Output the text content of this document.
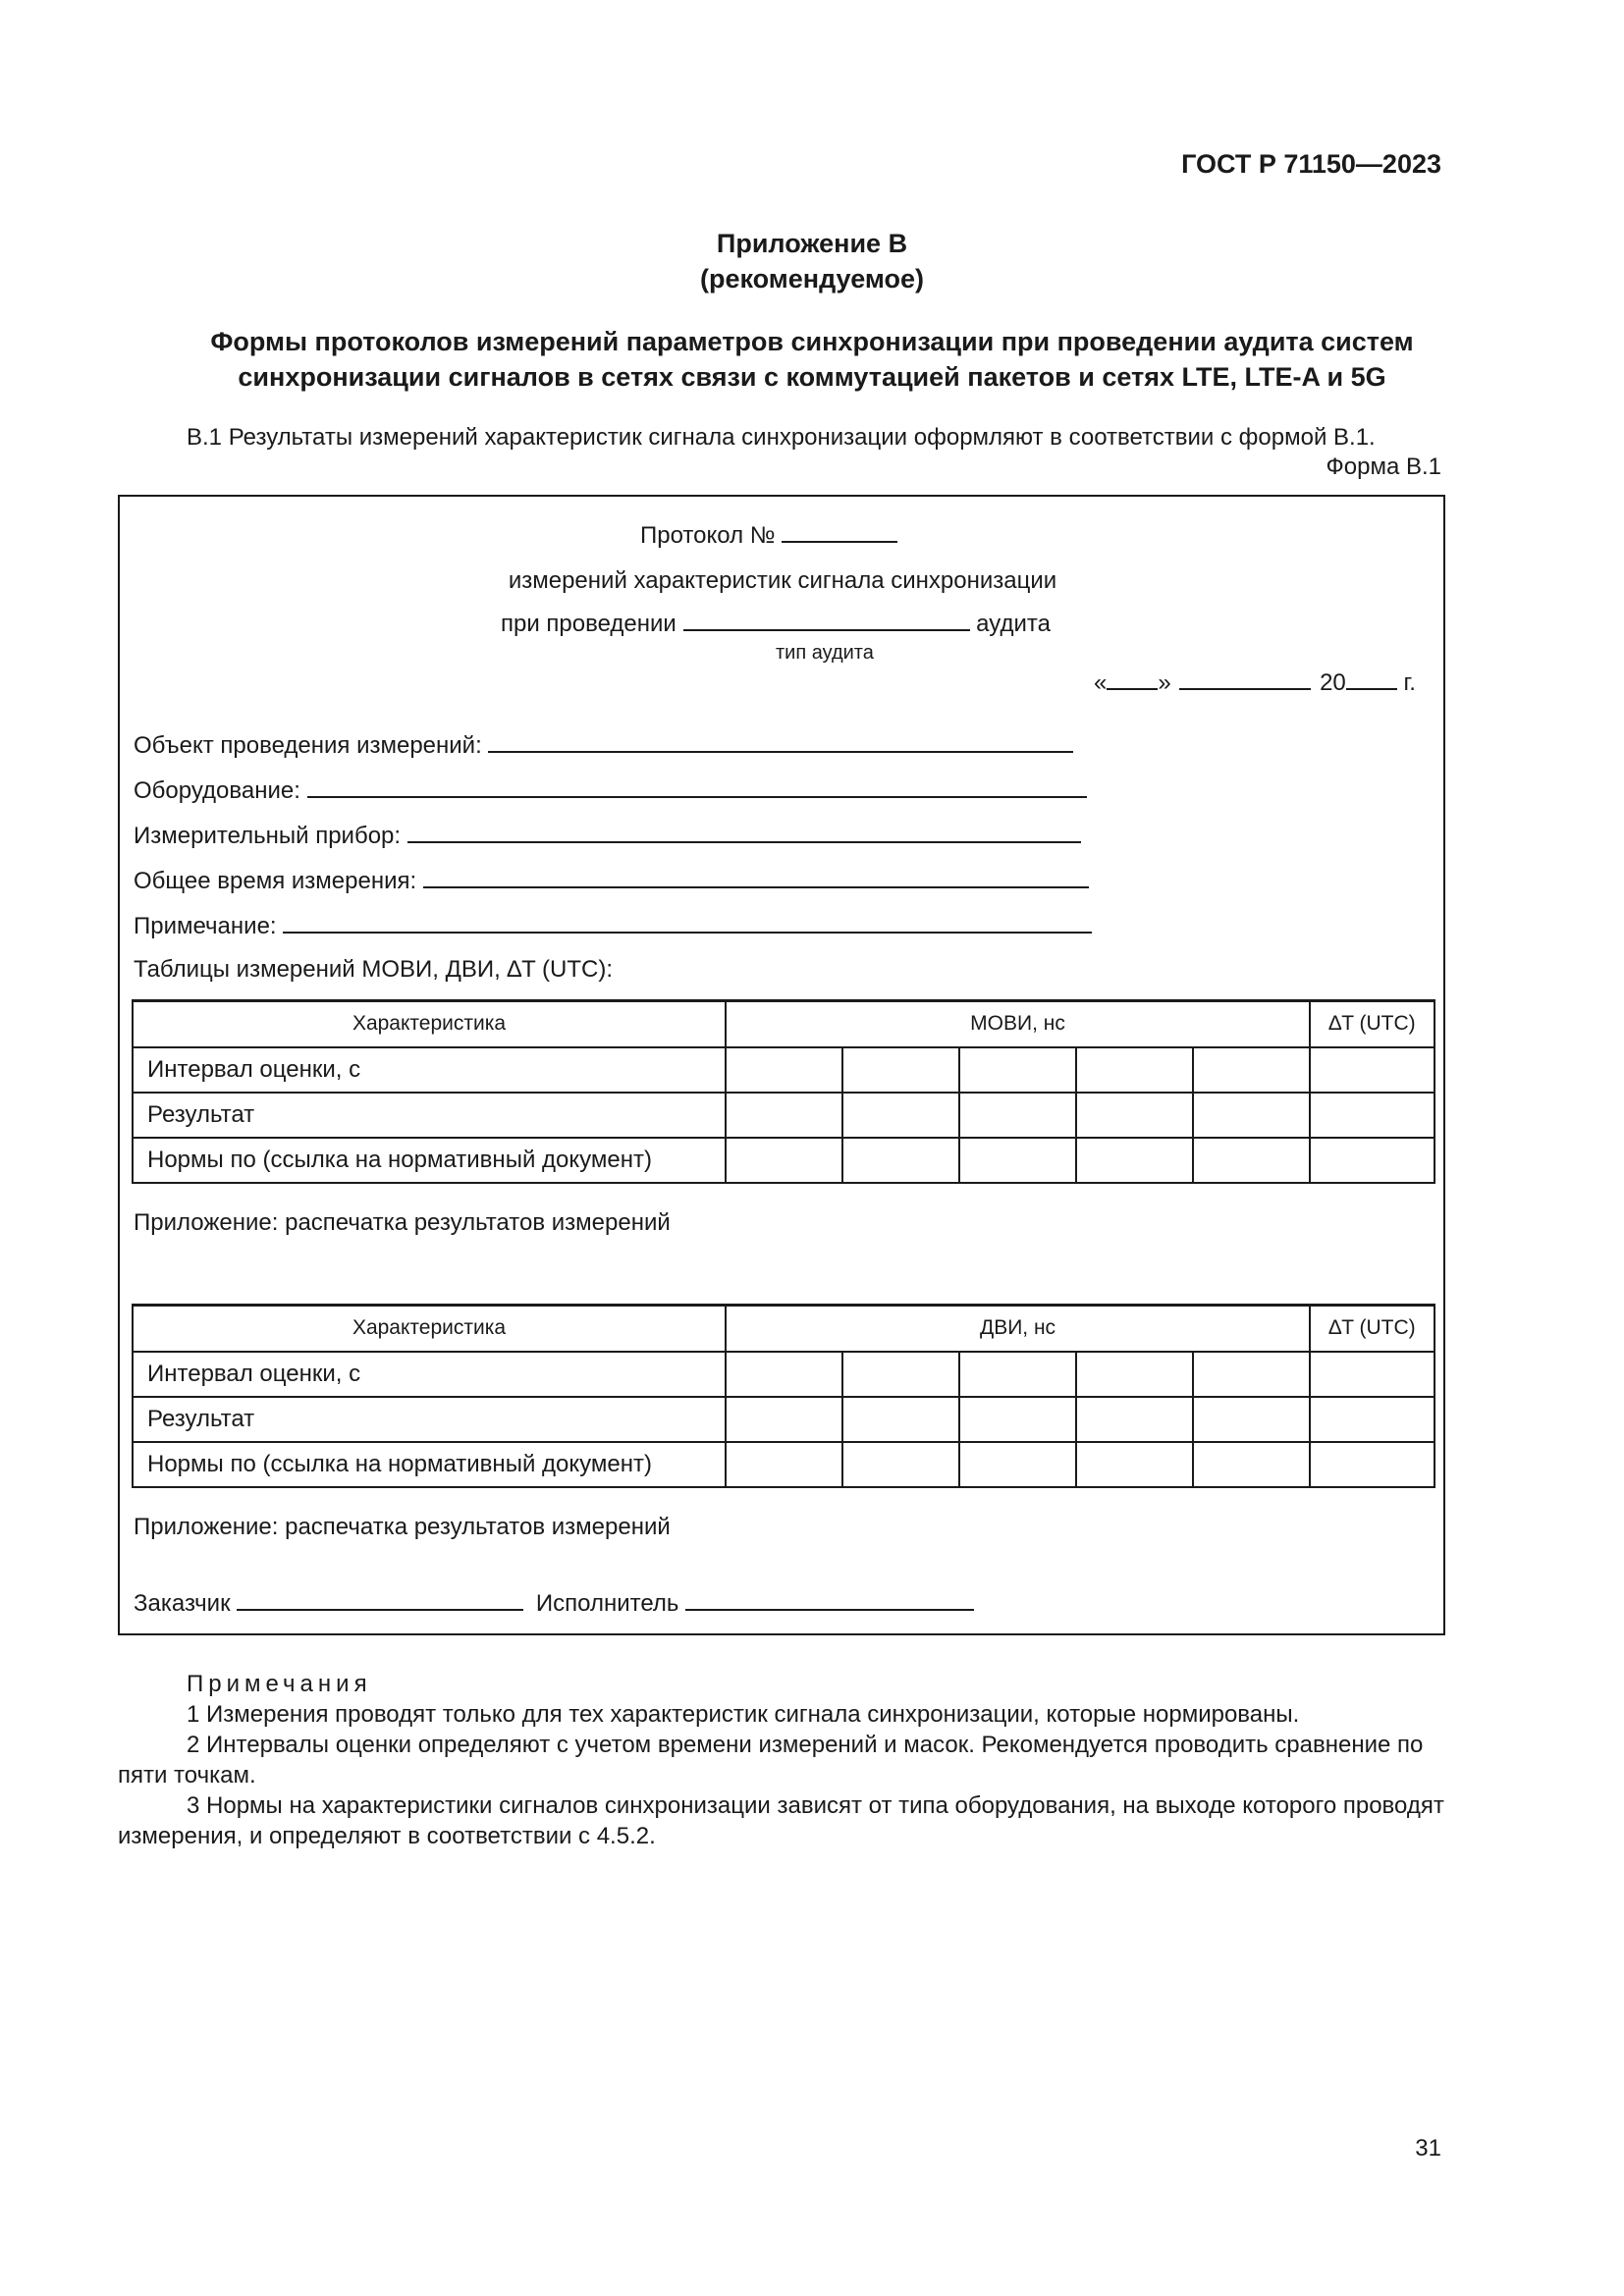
ГОСТ Р 71150—2023
Приложение В
(рекомендуемое)
Формы протоколов измерений параметров синхронизации при проведении аудита систем
синхронизации сигналов в сетях связи с коммутацией пакетов и сетях LTE, LTE-A и 5G
В.1 Результаты измерений характеристик сигнала синхронизации оформляют в соответствии с формой В.1.
Форма В.1
Протокол №
измерений характеристик сигнала синхронизации
при проведении	аудита
тип аудита
« »	20 г.
Объект проведения измерений:
Оборудование:
Измерительный прибор:
Общее время измерения:
Примечание:
Таблицы измерений МОВИ, ДВИ, ∆T (UTC):
Характеристика	МОВИ, нс					∆T (UTC)
Интервал оценки, с						
Результат						
Нормы по (ссылка на нормативный документ)						
Приложение: распечатка результатов измерений
Характеристика	ДВИ, нс					∆T (UTC)
Интервал оценки, с						
Результат						
Нормы по (ссылка на нормативный документ)						
Приложение: распечатка результатов измерений
Заказчик	Исполнитель

Примечания

1 Измерения проводят только для тех характеристик сигнала синхронизации, которые нормированы.

2 Интервалы оценки определяют с учетом времени измерений и масок. Рекомендуется проводить сравнение по пяти точкам.

3 Нормы на характеристики сигналов синхронизации зависят от типа оборудования, на выходе которого проводят измерения, и определяют в соответствии с 4.5.2.

31
